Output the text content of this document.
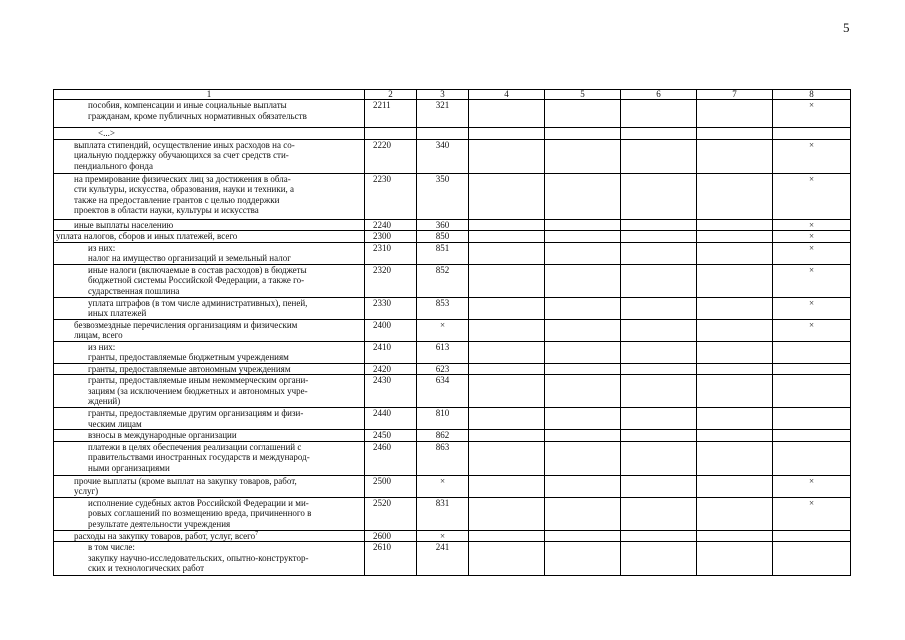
5
1	2	3	4	5	6	7	8

пособия, компенсации и иные социальные выплаты
гражданам, кроме публичных нормативных обязательств	2211	321					×

<...>							

выплата стипендий, осуществление иных расходов на со-
циальную поддержку обучающихся за счет средств сти-
пендиального фонда	2220	340					×

на премирование физических лиц за достижения в обла-
сти культуры, искусства, образования, науки и техники, а
также на предоставление грантов с целью поддержки
проектов в области науки, культуры и искусства	2230	350					×

иные выплаты населению	2240	360					×

уплата налогов, сборов и иных платежей, всего	2300	850					×

из них:
налог на имущество организаций и земельный налог	2310	851					×

иные налоги (включаемые в состав расходов) в бюджеты
бюджетной системы Российской Федерации, а также го-
сударственная пошлина	2320	852					×

уплата штрафов (в том числе административных), пеней,
иных платежей	2330	853					×

безвозмездные перечисления организациям и физическим
лицам, всего	2400	×					×

из них:
гранты, предоставляемые бюджетным учреждениям	2410	613					

гранты, предоставляемые автономным учреждениям	2420	623					

гранты, предоставляемые иным некоммерческим органи-
зациям (за исключением бюджетных и автономных учре-
ждений)	2430	634					

гранты, предоставляемые другим организациям и физи-
ческим лицам	2440	810					

взносы в международные организации	2450	862					

платежи в целях обеспечения реализации соглашений с
правительствами иностранных государств и международ-
ными организациями	2460	863					

прочие выплаты (кроме выплат на закупку товаров, работ,
услуг)	2500	×					×

исполнение судебных актов Российской Федерации и ми-
ровых соглашений по возмещению вреда, причиненного в
результате деятельности учреждения	2520	831					×

расходы на закупку товаров, работ, услуг, всего$^7$	2600	×					

в том числе:
закупку научно-исследовательских, опытно-конструктор-
ских и технологических работ	2610	241					
